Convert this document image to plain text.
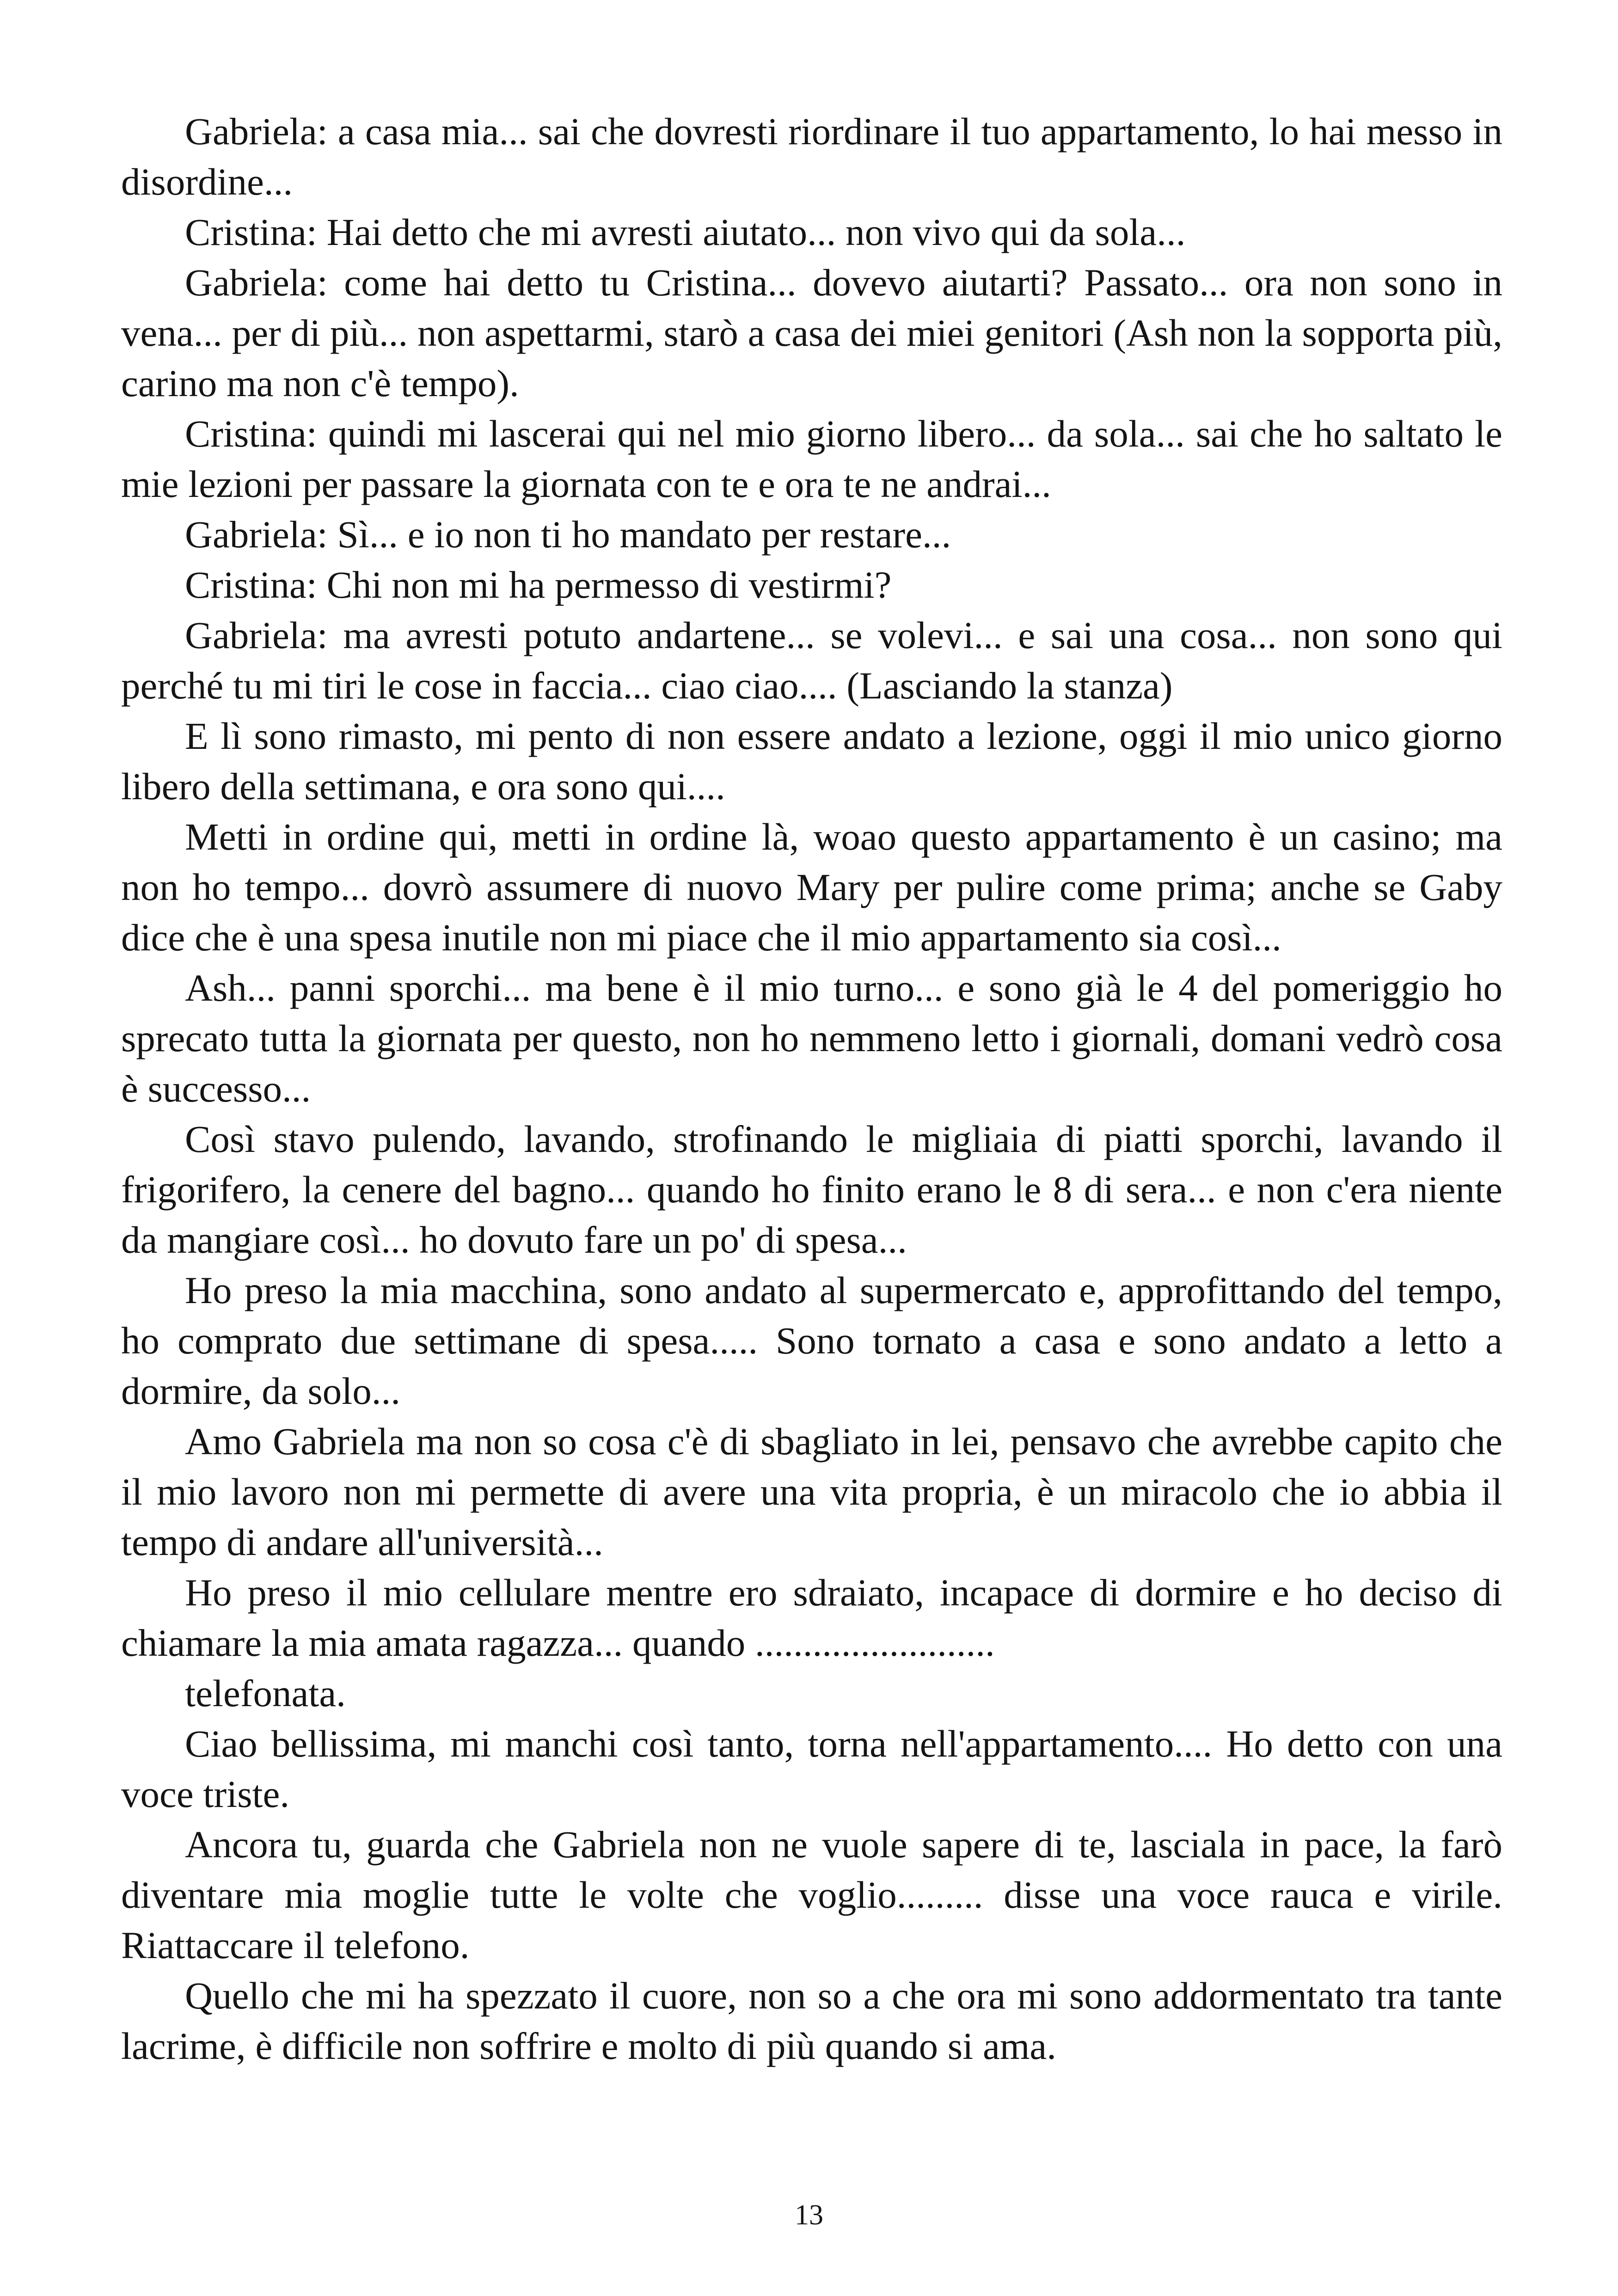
Gabriela: a casa mia... sai che dovresti riordinare il tuo appartamento, lo hai messo in disordine...

Cristina: Hai detto che mi avresti aiutato... non vivo qui da sola...

Gabriela: come hai detto tu Cristina... dovevo aiutarti? Passato... ora non sono in vena... per di più... non aspettarmi, starò a casa dei miei genitori (Ash non la sopporta più, carino ma non c'è tempo).

Cristina: quindi mi lascerai qui nel mio giorno libero... da sola... sai che ho saltato le mie lezioni per passare la giornata con te e ora te ne andrai...

Gabriela: Sì... e io non ti ho mandato per restare...

Cristina: Chi non mi ha permesso di vestirmi?

Gabriela: ma avresti potuto andartene... se volevi... e sai una cosa... non sono qui perché tu mi tiri le cose in faccia... ciao ciao.... (Lasciando la stanza)

E lì sono rimasto, mi pento di non essere andato a lezione, oggi il mio unico giorno libero della settimana, e ora sono qui....

Metti in ordine qui, metti in ordine là, woao questo appartamento è un casino; ma non ho tempo... dovrò assumere di nuovo Mary per pulire come prima; anche se Gaby dice che è una spesa inutile non mi piace che il mio appartamento sia così...

Ash... panni sporchi... ma bene è il mio turno... e sono già le 4 del pomeriggio ho sprecato tutta la giornata per questo, non ho nemmeno letto i giornali, domani vedrò cosa è successo...

Così stavo pulendo, lavando, strofinando le migliaia di piatti sporchi, lavando il frigorifero, la cenere del bagno... quando ho finito erano le 8 di sera... e non c'era niente da mangiare così... ho dovuto fare un po' di spesa...

Ho preso la mia macchina, sono andato al supermercato e, approfittando del tempo, ho comprato due settimane di spesa..... Sono tornato a casa e sono andato a letto a dormire, da solo...

Amo Gabriela ma non so cosa c'è di sbagliato in lei, pensavo che avrebbe capito che il mio lavoro non mi permette di avere una vita propria, è un miracolo che io abbia il tempo di andare all'università...

Ho preso il mio cellulare mentre ero sdraiato, incapace di dormire e ho deciso di chiamare la mia amata ragazza... quando .........................

telefonata.

Ciao bellissima, mi manchi così tanto, torna nell'appartamento.... Ho detto con una voce triste.

Ancora tu, guarda che Gabriela non ne vuole sapere di te, lasciala in pace, la farò diventare mia moglie tutte le volte che voglio......... disse una voce rauca e virile. Riattaccare il telefono.

Quello che mi ha spezzato il cuore, non so a che ora mi sono addormentato tra tante lacrime, è difficile non soffrire e molto di più quando si ama.

13
